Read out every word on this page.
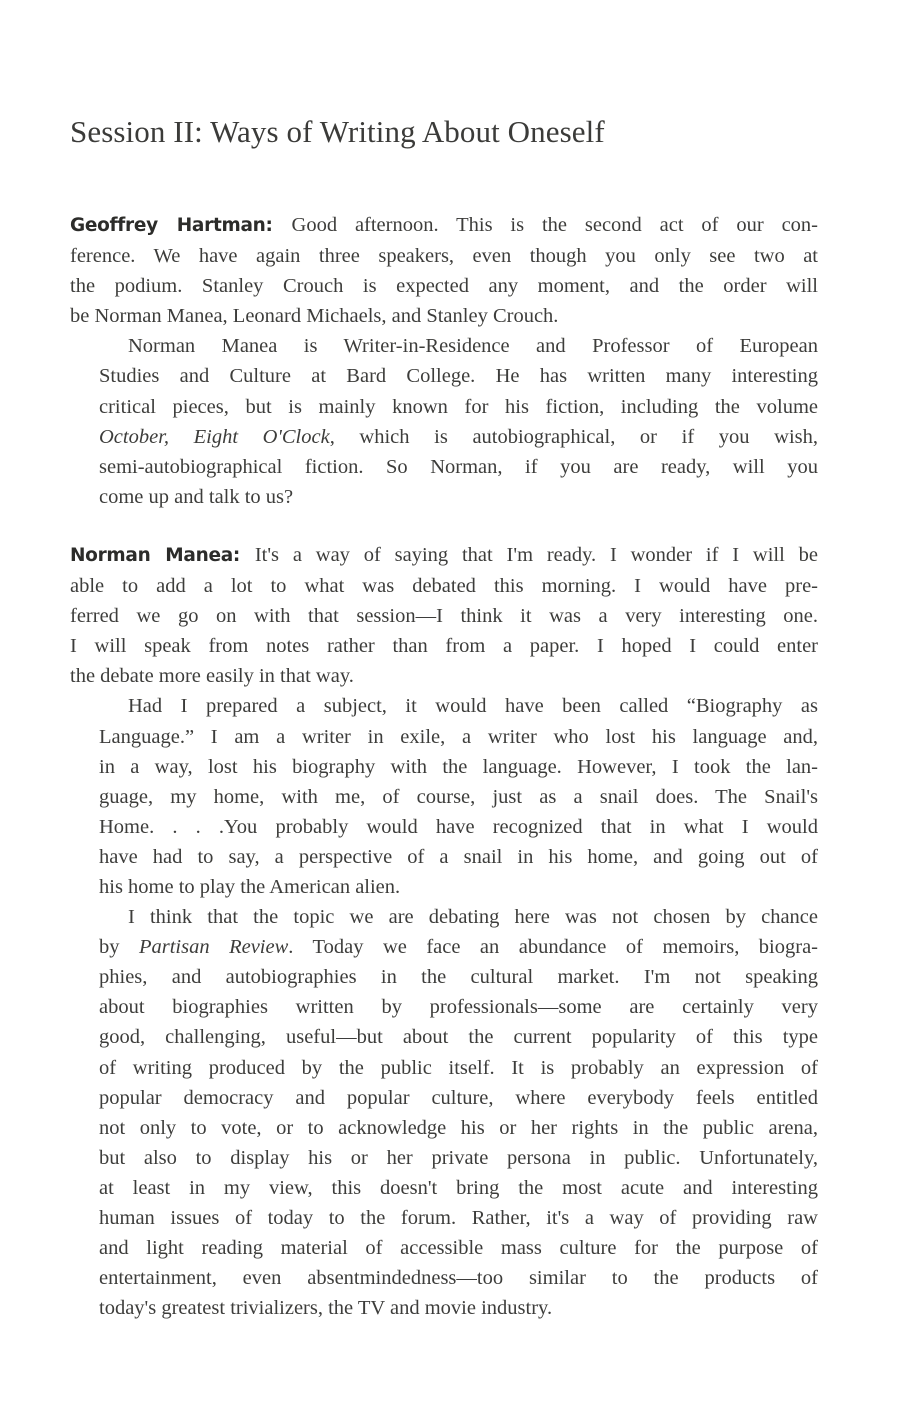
Session II: Ways of Writing About Oneself
Geoffrey Hartman: Good afternoon. This is the second act of our con-
ference. We have again three speakers, even though you only see two at
the podium. Stanley Crouch is expected any moment, and the order will
be Norman Manea, Leonard Michaels, and Stanley Crouch.
Norman Manea is Writer-in-Residence and Professor of European
Studies and Culture at Bard College. He has written many interesting
critical pieces, but is mainly known for his fiction, including the volume
October, Eight O'Clock, which is autobiographical, or if you wish,
semi-autobiographical fiction. So Norman, if you are ready, will you
come up and talk to us?
Norman Manea: It's a way of saying that I'm ready. I wonder if I will be
able to add a lot to what was debated this morning. I would have pre-
ferred we go on with that session—I think it was a very interesting one.
I will speak from notes rather than from a paper. I hoped I could enter
the debate more easily in that way.
Had I prepared a subject, it would have been called “Biography as
Language.” I am a writer in exile, a writer who lost his language and,
in a way, lost his biography with the language. However, I took the lan-
guage, my home, with me, of course, just as a snail does. The Snail's
Home. . . .You probably would have recognized that in what I would
have had to say, a perspective of a snail in his home, and going out of
his home to play the American alien.
I think that the topic we are debating here was not chosen by chance
by Partisan Review. Today we face an abundance of memoirs, biogra-
phies, and autobiographies in the cultural market. I'm not speaking
about biographies written by professionals—some are certainly very
good, challenging, useful—but about the current popularity of this type
of writing produced by the public itself. It is probably an expression of
popular democracy and popular culture, where everybody feels entitled
not only to vote, or to acknowledge his or her rights in the public arena,
but also to display his or her private persona in public. Unfortunately,
at least in my view, this doesn't bring the most acute and interesting
human issues of today to the forum. Rather, it's a way of providing raw
and light reading material of accessible mass culture for the purpose of
entertainment, even absentmindedness—too similar to the products of
today's greatest trivializers, the TV and movie industry.
